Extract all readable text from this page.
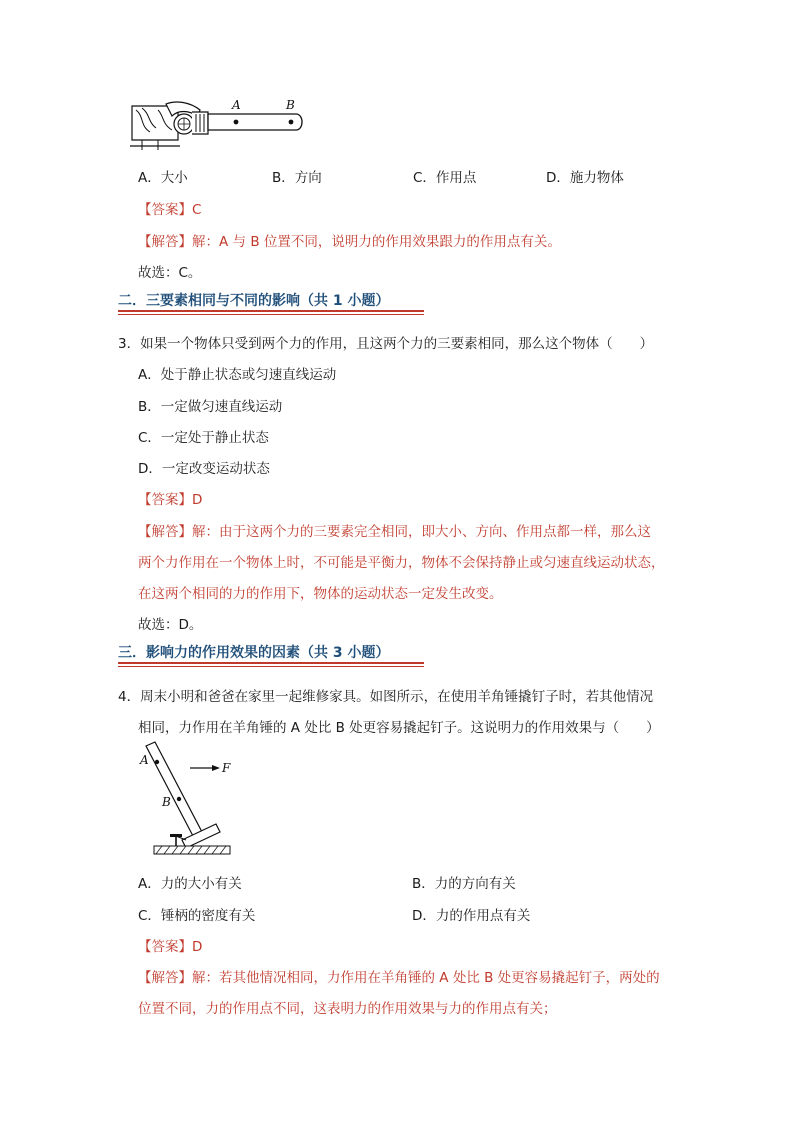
A	B
A．大小	B．方向	C．作用点	D．施力物体
【答案】C
【解答】解：A 与 B 位置不同，说明力的作用效果跟力的作用点有关。
故选：C。
二．三要素相同与不同的影响（共 1 小题）
3．如果一个物体只受到两个力的作用，且这两个力的三要素相同，那么这个物体（　　）
A．处于静止状态或匀速直线运动
B．一定做匀速直线运动
C．一定处于静止状态
D．一定改变运动状态
【答案】D
【解答】解：由于这两个力的三要素完全相同，即大小、方向、作用点都一样，那么这
两个力作用在一个物体上时，不可能是平衡力，物体不会保持静止或匀速直线运动状态，
在这两个相同的力的作用下，物体的运动状态一定发生改变。
故选：D。
三．影响力的作用效果的因素（共 3 小题）
4．周末小明和爸爸在家里一起维修家具。如图所示，在使用羊角锤撬钉子时，若其他情况
相同，力作用在羊角锤的 A 处比 B 处更容易撬起钉子。这说明力的作用效果与（　　）
A
B
F
A．力的大小有关	B．力的方向有关
C．锤柄的密度有关	D．力的作用点有关
【答案】D
【解答】解：若其他情况相同，力作用在羊角锤的 A 处比 B 处更容易撬起钉子，两处的
位置不同，力的作用点不同，这表明力的作用效果与力的作用点有关；
